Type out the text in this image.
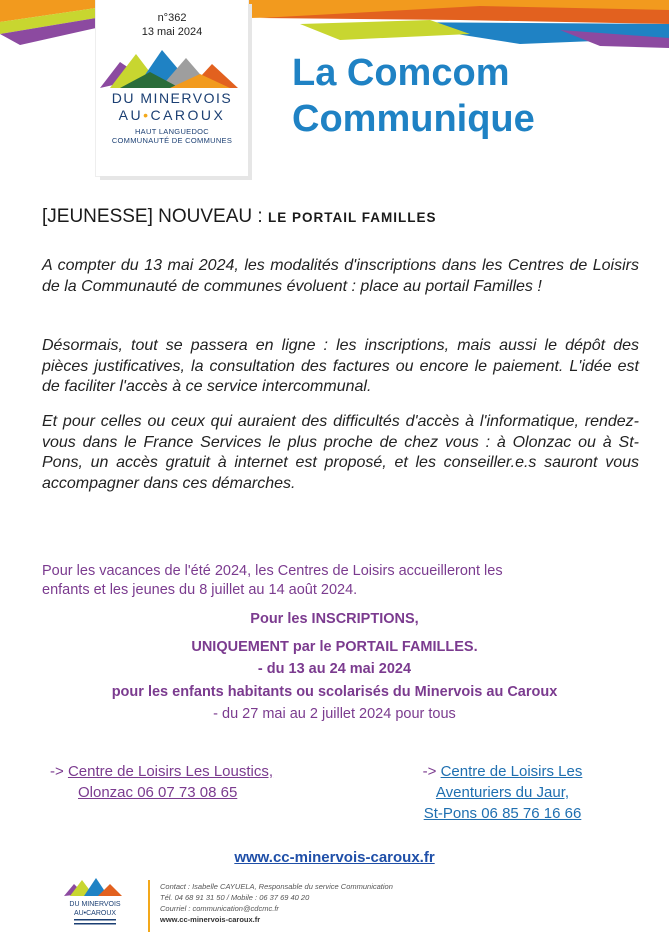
n°362
13 mai 2024
DU MINERVOIS
AU•CAROUX
HAUT LANGUEDOC
COMMUNAUTÉ DE COMMUNES
La Comcom
Communique
[JEUNESSE] NOUVEAU : LE PORTAIL FAMILLES

A compter du 13 mai 2024, les modalités d'inscriptions dans les Centres de Loisirs de la Communauté de communes évoluent : place au portail Familles !

Désormais, tout se passera en ligne : les inscriptions, mais aussi le dépôt des pièces justificatives, la consultation des factures ou encore le paiement. L'idée est de faciliter l'accès à ce service intercommunal.

Et pour celles ou ceux qui auraient des difficultés d'accès à l'informatique, rendez-vous dans le France Services le plus proche de chez vous : à Olonzac ou à St-Pons, un accès gratuit à internet est proposé, et les conseiller.e.s sauront vous accompagner dans ces démarches.

Pour les vacances de l'été 2024, les Centres de Loisirs accueilleront les
enfants et les jeunes du 8 juillet au 14 août 2024.
Pour les INSCRIPTIONS,
UNIQUEMENT par le PORTAIL FAMILLES.
- du 13 au 24 mai 2024
pour les enfants habitants ou scolarisés du Minervois au Caroux
- du 27 mai au 2 juillet 2024 pour tous
-> Centre de Loisirs Les Loustics,
Olonzac 06 07 73 08 65
-> Centre de Loisirs Les
Aventuriers du Jaur,
St-Pons 06 85 76 16 66
www.cc-minervois-caroux.fr
DU MINERVOIS
AU•CAROUX
Contact : Isabelle CAYUELA, Responsable du service Communication
Tél. 04 68 91 31 50 / Mobile : 06 37 69 40 20
Courriel : communication@cdcmc.fr
www.cc-minervois-caroux.fr
